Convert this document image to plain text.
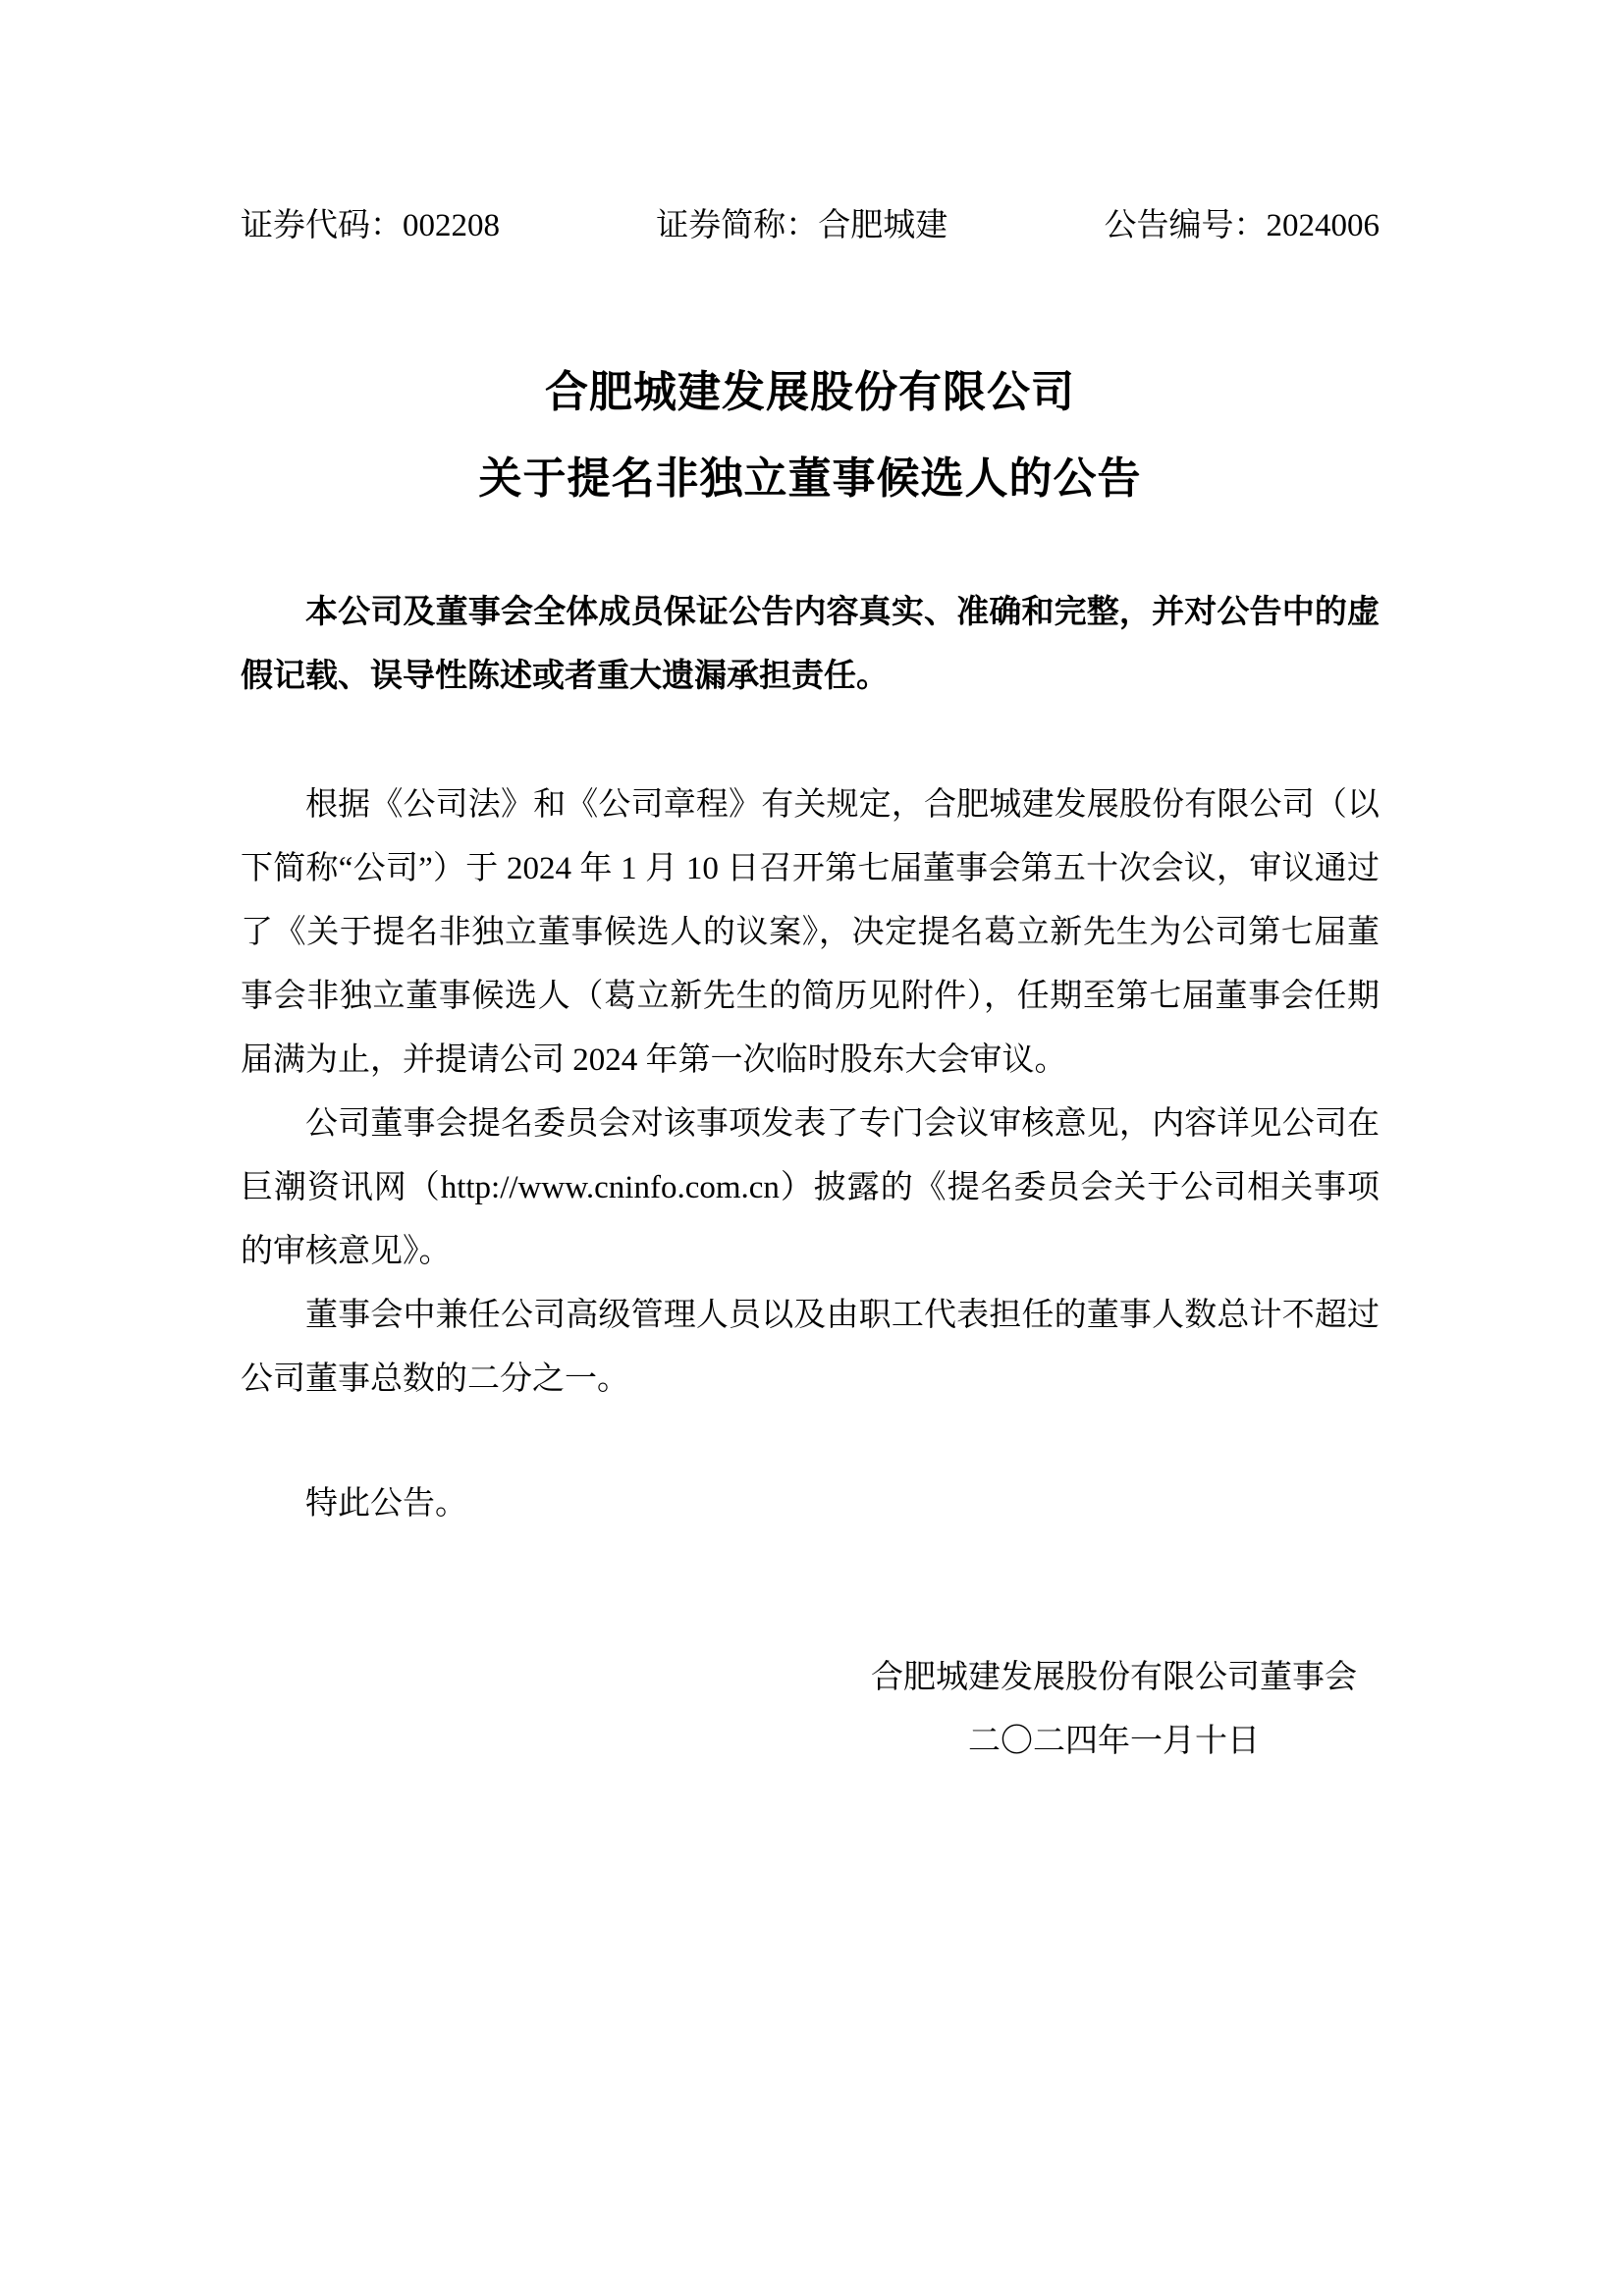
证券代码：002208	证券简称：合肥城建	公告编号：2024006
合肥城建发展股份有限公司
关于提名非独立董事候选人的公告

本公司及董事会全体成员保证公告内容真实、准确和完整，并对公告中的虚假记载、误导性陈述或者重大遗漏承担责任。

根据《公司法》和《公司章程》有关规定，合肥城建发展股份有限公司（以下简称“公司”）于 2024 年 1 月 10 日召开第七届董事会第五十次会议，审议通过了《关于提名非独立董事候选人的议案》，决定提名葛立新先生为公司第七届董事会非独立董事候选人（葛立新先生的简历见附件），任期至第七届董事会任期届满为止，并提请公司 2024 年第一次临时股东大会审议。

公司董事会提名委员会对该事项发表了专门会议审核意见，内容详见公司在巨潮资讯网（http://www.cninfo.com.cn）披露的《提名委员会关于公司相关事项的审核意见》。

董事会中兼任公司高级管理人员以及由职工代表担任的董事人数总计不超过公司董事总数的二分之一。

特此公告。

合肥城建发展股份有限公司董事会
二〇二四年一月十日
